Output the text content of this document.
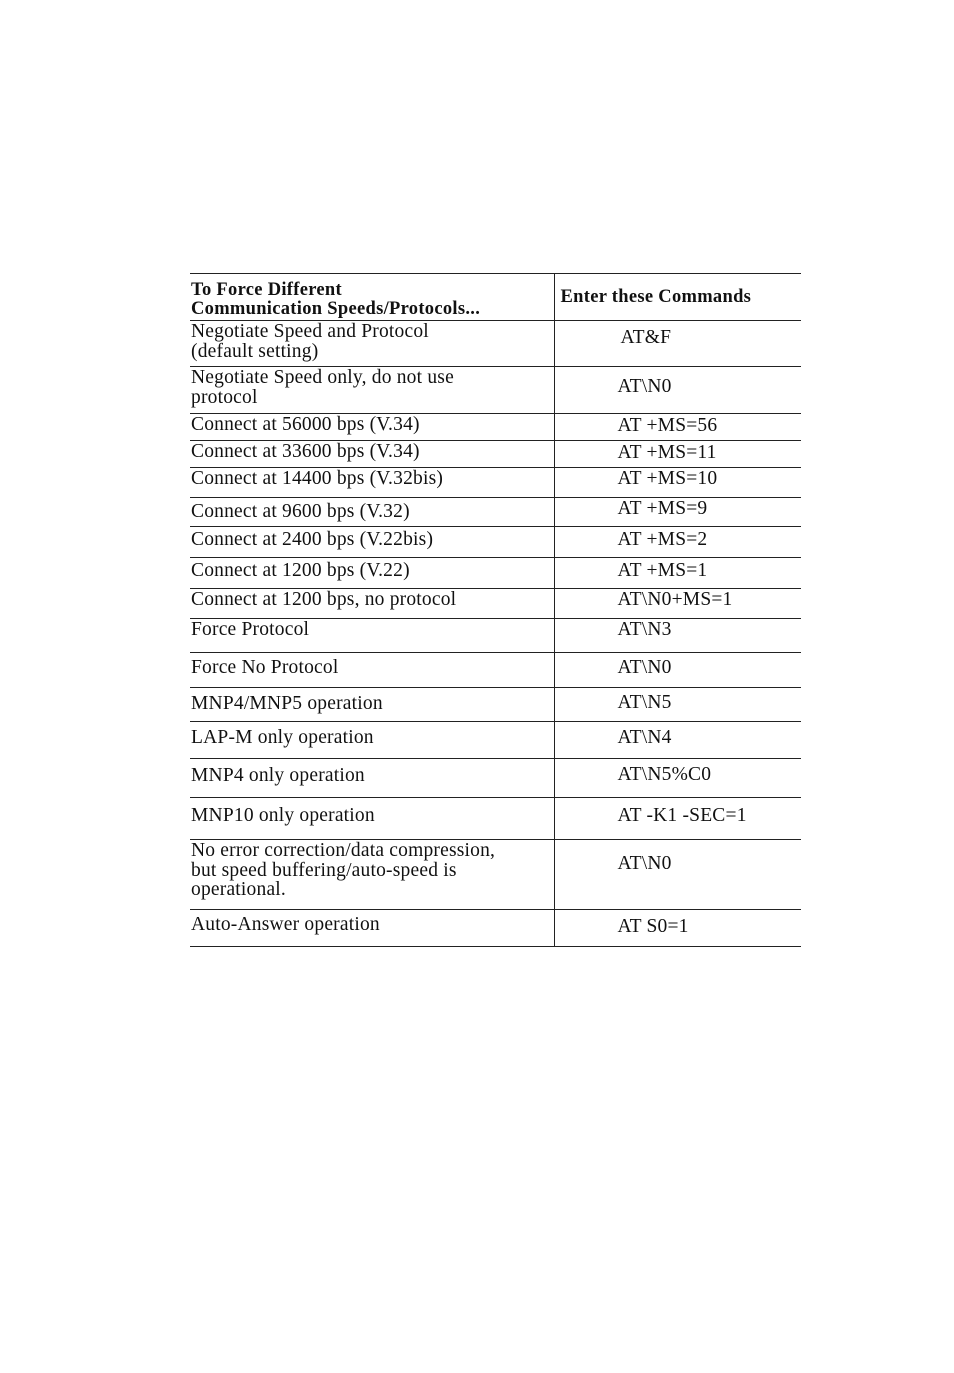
To Force Different
Communication Speeds/Protocols...	Enter these Commands
Negotiate Speed and Protocol
(default setting)	AT&F
Negotiate Speed only, do not use
protocol	AT\N0
Connect at 56000 bps (V.34)	AT +MS=56
Connect at 33600 bps (V.34)	AT +MS=11
Connect at 14400 bps (V.32bis)	AT +MS=10
Connect at 9600 bps (V.32)	AT +MS=9
Connect at 2400 bps (V.22bis)	AT +MS=2
Connect at 1200 bps (V.22)	AT +MS=1
Connect at 1200 bps, no protocol	AT\N0+MS=1
Force Protocol	AT\N3
Force No Protocol	AT\N0
MNP4/MNP5 operation	AT\N5
LAP-M only operation	AT\N4
MNP4 only operation	AT\N5%C0
MNP10 only operation	AT -K1 -SEC=1
No error correction/data compression,
but speed buffering/auto-speed is
operational.	AT\N0
Auto-Answer operation	AT S0=1
